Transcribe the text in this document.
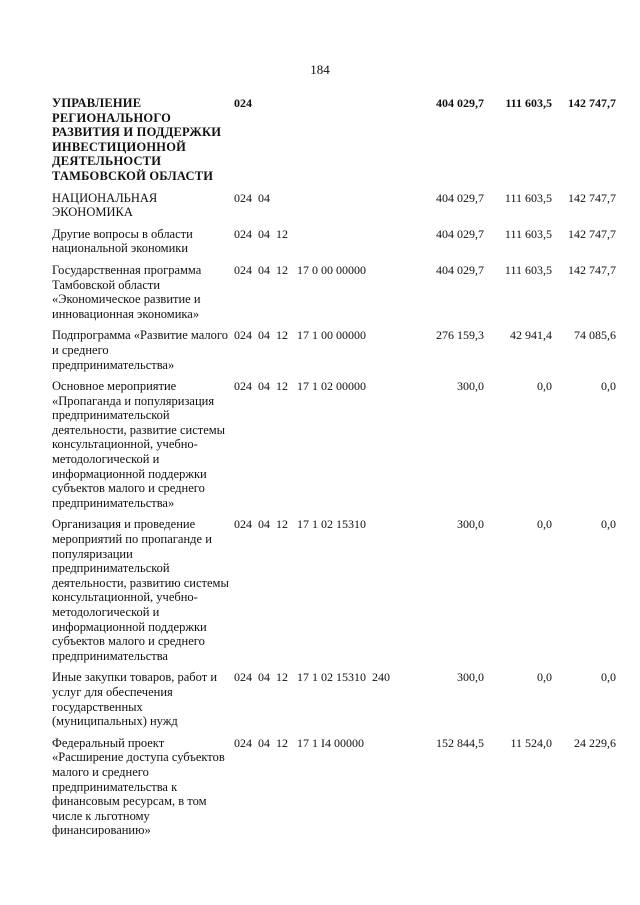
184
УПРАВЛЕНИЕ РЕГИОНАЛЬНОГО РАЗВИТИЯ И ПОДДЕРЖКИ ИНВЕСТИЦИОННОЙ ДЕЯТЕЛЬНОСТИ ТАМБОВСКОЙ ОБЛАСТИ
024	404 029,7	111 603,5	142 747,7
НАЦИОНАЛЬНАЯ ЭКОНОМИКА
024  04	404 029,7	111 603,5	142 747,7
Другие вопросы в области национальной экономики
024  04  12	404 029,7	111 603,5	142 747,7
Государственная программа Тамбовской области «Экономическое развитие и инновационная экономика»
024  04  12   17 0 00 00000	404 029,7	111 603,5	142 747,7
Подпрограмма «Развитие малого и среднего предпринимательства»
024  04  12   17 1 00 00000	276 159,3	42 941,4	74 085,6
Основное мероприятие «Пропаганда и популяризация предпринимательской деятельности, развитие системы консультационной, учебно-методологической и информационной поддержки субъектов малого и среднего предпринимательства»
024  04  12   17 1 02 00000	300,0	0,0	0,0
Организация и проведение мероприятий по пропаганде и популяризации предпринимательской деятельности, развитию системы консультационной, учебно-методологической и информационной поддержки субъектов малого и среднего предпринимательства
024  04  12   17 1 02 15310	300,0	0,0	0,0
Иные закупки товаров, работ и услуг для обеспечения государственных (муниципальных) нужд
024  04  12   17 1 02 15310  240	300,0	0,0	0,0
Федеральный проект «Расширение доступа субъектов малого и среднего предпринимательства к финансовым ресурсам, в том числе к льготному финансированию»
024  04  12   17 1 I4 00000	152 844,5	11 524,0	24 229,6
